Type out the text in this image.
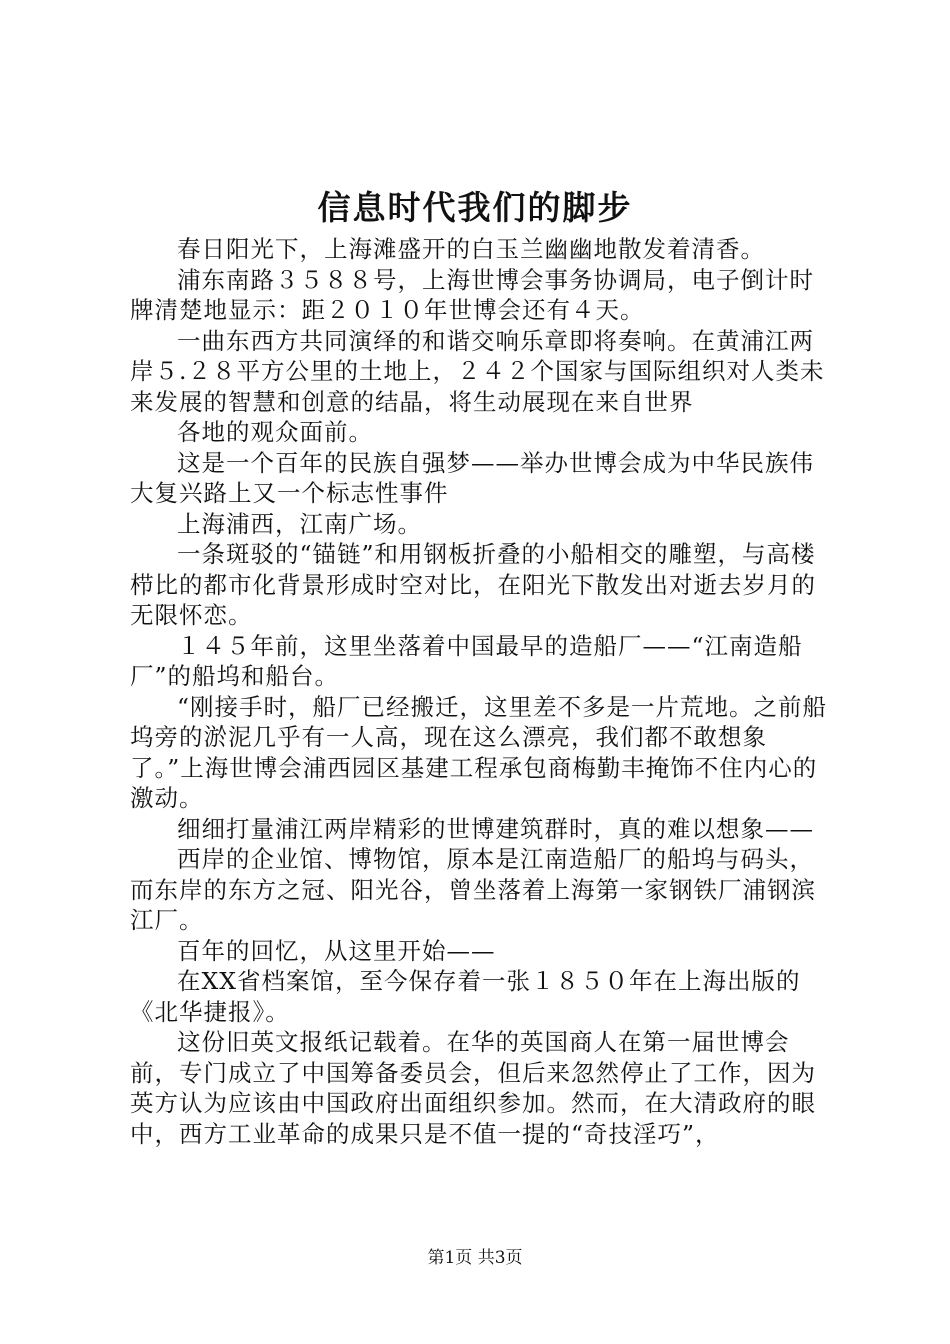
信息时代我们的脚步

春日阳光下，上海滩盛开的白玉兰幽幽地散发着清香。

浦东南路３５８８号，上海世博会事务协调局，电子倒计时牌清楚地显示：距２０１０年世博会还有４天。

一曲东西方共同演绎的和谐交响乐章即将奏响。在黄浦江两岸５.２８平方公里的土地上，２４２个国家与国际组织对人类未来发展的智慧和创意的结晶，将生动展现在来自世界

各地的观众面前。

这是一个百年的民族自强梦——举办世博会成为中华民族伟大复兴路上又一个标志性事件

上海浦西，江南广场。

一条斑驳的“锚链”和用钢板折叠的小船相交的雕塑，与高楼栉比的都市化背景形成时空对比，在阳光下散发出对逝去岁月的无限怀恋。

１４５年前，这里坐落着中国最早的造船厂——“江南造船厂”的船坞和船台。

“刚接手时，船厂已经搬迁，这里差不多是一片荒地。之前船坞旁的淤泥几乎有一人高，现在这么漂亮，我们都不敢想象了。”上海世博会浦西园区基建工程承包商梅勤丰掩饰不住内心的激动。

细细打量浦江两岸精彩的世博建筑群时，真的难以想象——

西岸的企业馆、博物馆，原本是江南造船厂的船坞与码头，而东岸的东方之冠、阳光谷，曾坐落着上海第一家钢铁厂浦钢滨江厂。

百年的回忆，从这里开始——

在XX省档案馆，至今保存着一张１８５０年在上海出版的《北华捷报》。

这份旧英文报纸记载着。在华的英国商人在第一届世博会前，专门成立了中国筹备委员会，但后来忽然停止了工作，因为英方认为应该由中国政府出面组织参加。然而，在大清政府的眼中，西方工业革命的成果只是不值一提的“奇技淫巧”，

第1页 共3页
